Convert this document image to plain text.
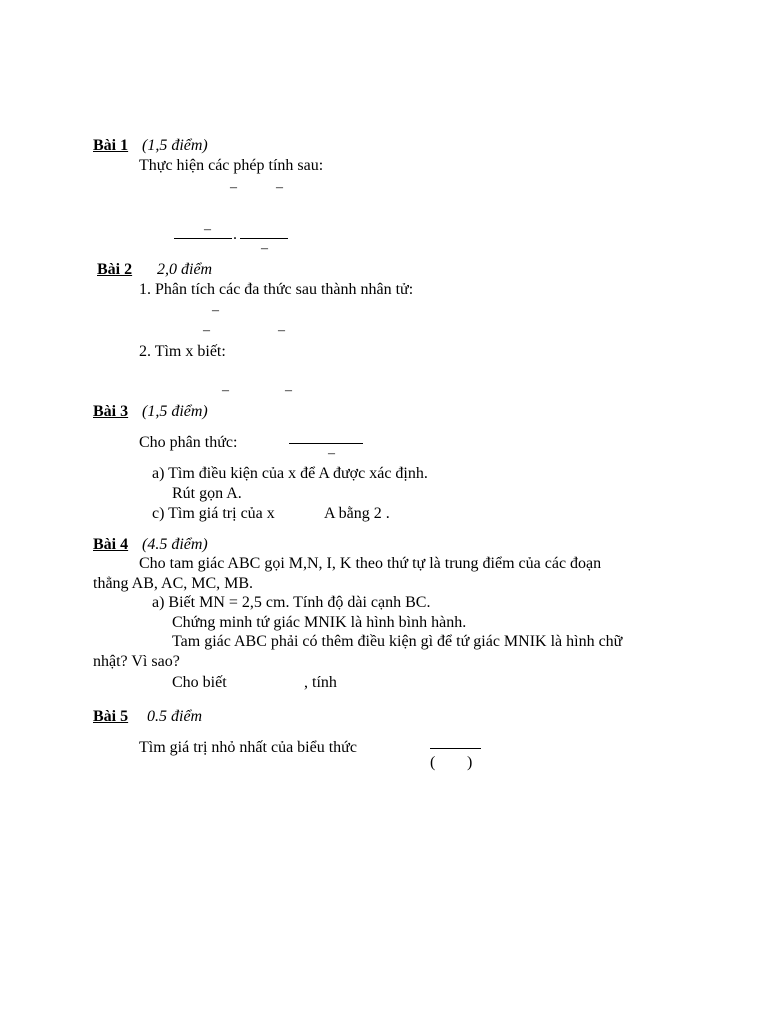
Bài 1 (1,5 điểm)
Thực hiện các phép tính sau:
–	–
– .
–
Bài 2 2,0 điểm
1. Phân tích các đa thức sau thành nhân tử:
–
–	–
2. Tìm x biết:
–	–
Bài 3 (1,5 điểm)
Cho phân thức:
–
a) Tìm điều kiện của x để A được xác định.
Rút gọn A.
c) Tìm giá trị của x	A bằng 2 .
Bài 4 (4.5 điểm)
Cho tam giác ABC gọi M,N, I, K theo thứ tự là trung điểm của các đoạn
thẳng AB, AC, MC, MB.
a) Biết MN = 2,5 cm. Tính độ dài cạnh BC.
Chứng minh tứ giác MNIK là hình bình hành.
Tam giác ABC phải có thêm điều kiện gì để tứ giác MNIK là hình chữ
nhật? Vì sao?
Cho biết	, tính
Bài 5 0.5 điểm
Tìm giá trị nhỏ nhất của biểu thức
( )
